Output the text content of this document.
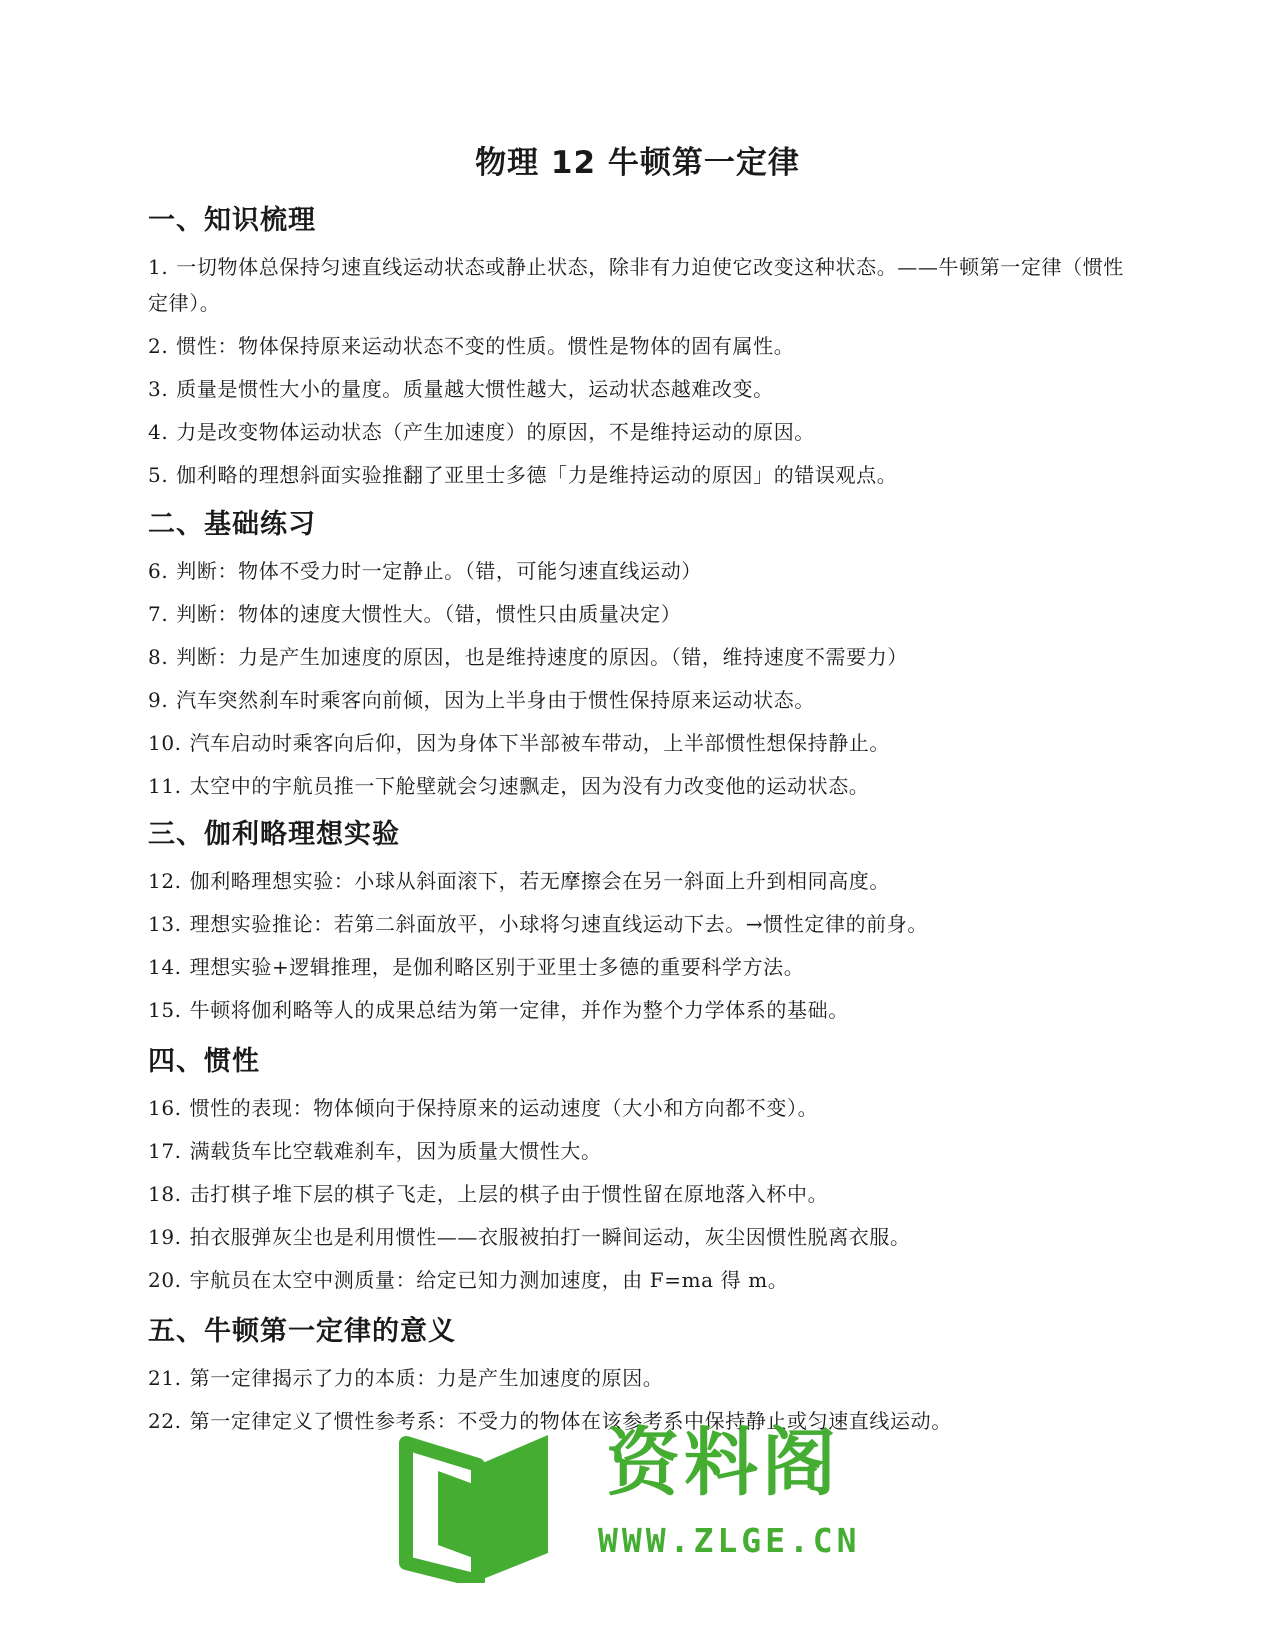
物理 12 牛顿第一定律
一、知识梳理

1. 一切物体总保持匀速直线运动状态或静止状态，除非有力迫使它改变这种状态。——牛顿第一定律（惯性定律）。

2. 惯性：物体保持原来运动状态不变的性质。惯性是物体的固有属性。

3. 质量是惯性大小的量度。质量越大惯性越大，运动状态越难改变。

4. 力是改变物体运动状态（产生加速度）的原因，不是维持运动的原因。

5. 伽利略的理想斜面实验推翻了亚里士多德「力是维持运动的原因」的错误观点。

二、基础练习

6. 判断：物体不受力时一定静止。（错，可能匀速直线运动）

7. 判断：物体的速度大惯性大。（错，惯性只由质量决定）

8. 判断：力是产生加速度的原因，也是维持速度的原因。（错，维持速度不需要力）

9. 汽车突然刹车时乘客向前倾，因为上半身由于惯性保持原来运动状态。

10. 汽车启动时乘客向后仰，因为身体下半部被车带动，上半部惯性想保持静止。

11. 太空中的宇航员推一下舱壁就会匀速飘走，因为没有力改变他的运动状态。

三、伽利略理想实验

12. 伽利略理想实验：小球从斜面滚下，若无摩擦会在另一斜面上升到相同高度。

13. 理想实验推论：若第二斜面放平，小球将匀速直线运动下去。→惯性定律的前身。

14. 理想实验+逻辑推理，是伽利略区别于亚里士多德的重要科学方法。

15. 牛顿将伽利略等人的成果总结为第一定律，并作为整个力学体系的基础。

四、惯性

16. 惯性的表现：物体倾向于保持原来的运动速度（大小和方向都不变）。

17. 满载货车比空载难刹车，因为质量大惯性大。

18. 击打棋子堆下层的棋子飞走，上层的棋子由于惯性留在原地落入杯中。

19. 拍衣服弹灰尘也是利用惯性——衣服被拍打一瞬间运动，灰尘因惯性脱离衣服。

20. 宇航员在太空中测质量：给定已知力测加速度，由 F=ma 得 m。

五、牛顿第一定律的意义

21. 第一定律揭示了力的本质：力是产生加速度的原因。

22. 第一定律定义了惯性参考系：不受力的物体在该参考系中保持静止或匀速直线运动。

资料阁
WWW.ZLGE.CN
